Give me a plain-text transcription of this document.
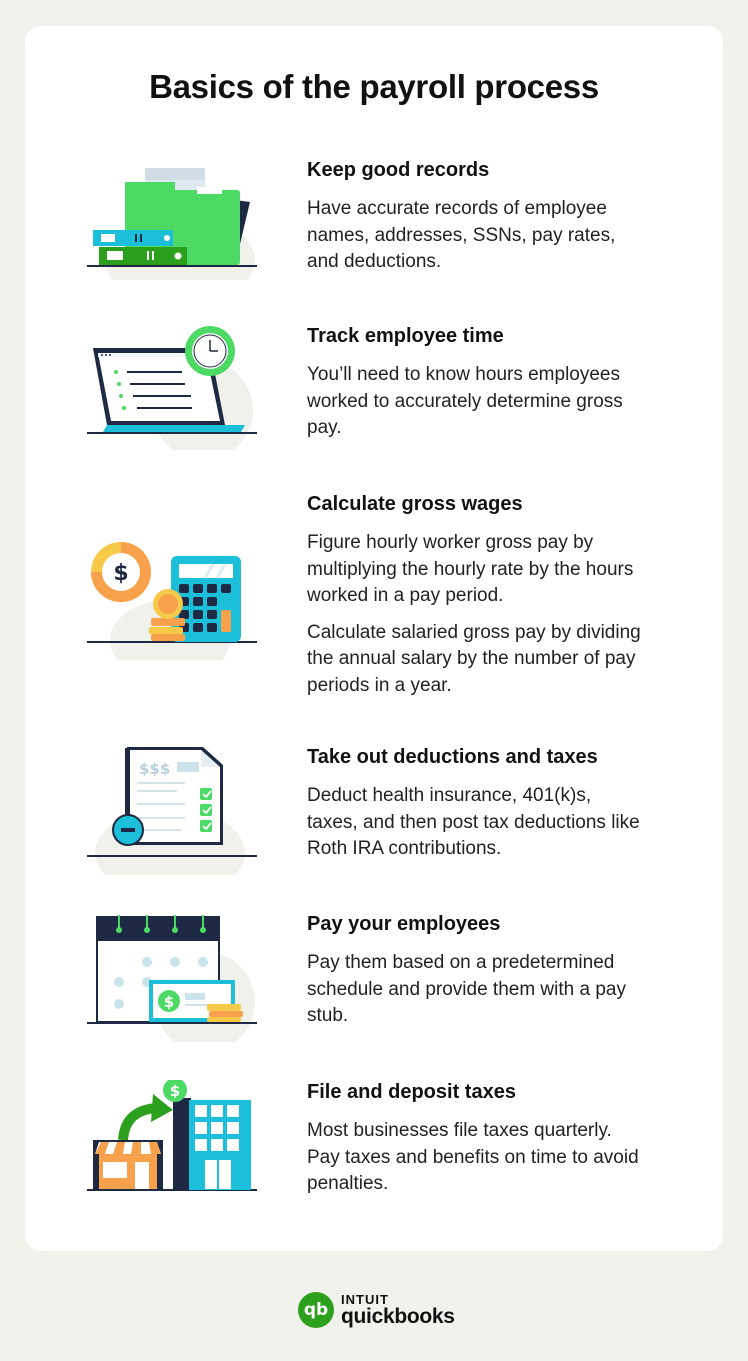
Basics of the payroll process
Keep good records

Have accurate records of employee names, addresses, SSNs, pay rates, and deductions.

Track employee time

You’ll need to know hours employees worked to accurately determine gross pay.

$
Calculate gross wages

Figure hourly worker gross pay by multiplying the hourly rate by the hours worked in a pay period.

Calculate salaried gross pay by dividing the annual salary by the number of pay periods in a year.

$$$
Take out deductions and taxes

Deduct health insurance, 401(k)s, taxes, and then post tax deductions like Roth IRA contributions.

$
Pay your employees

Pay them based on a predetermined schedule and provide them with a pay stub.

$	File and deposit taxes

Most businesses file taxes quarterly. Pay taxes and benefits on time to avoid penalties.

qb
INTUIT
quickbooks
